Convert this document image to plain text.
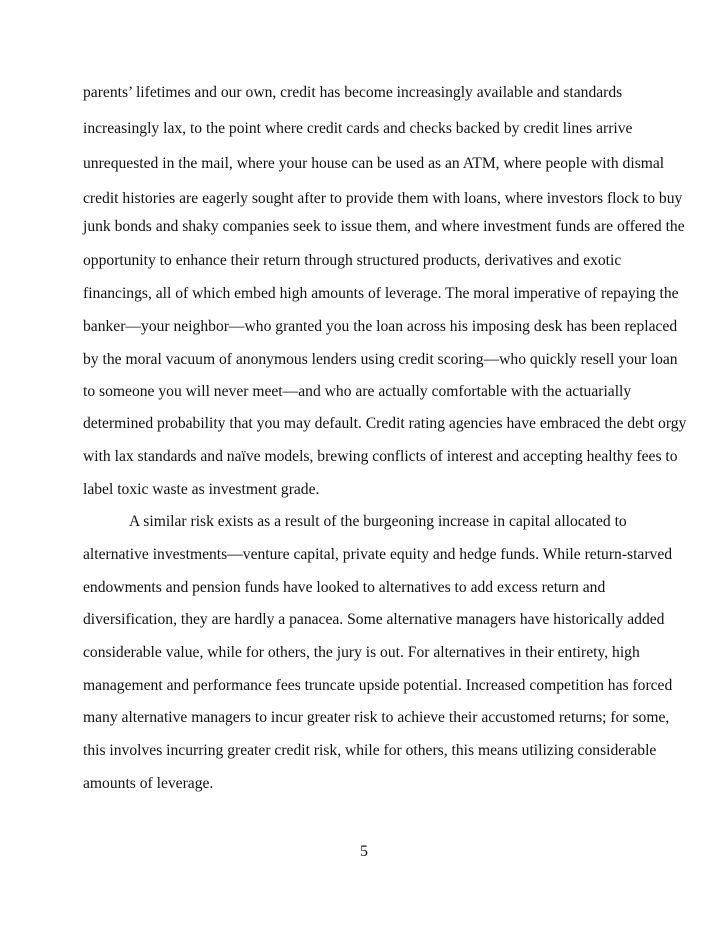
parents’ lifetimes and our own, credit has become increasingly available and standards
increasingly lax, to the point where credit cards and checks backed by credit lines arrive
unrequested in the mail, where your house can be used as an ATM, where people with dismal
credit histories are eagerly sought after to provide them with loans, where investors flock to buy
junk bonds and shaky companies seek to issue them, and where investment funds are offered the
opportunity to enhance their return through structured products, derivatives and exotic
financings, all of which embed high amounts of leverage. The moral imperative of repaying the
banker—your neighbor—who granted you the loan across his imposing desk has been replaced
by the moral vacuum of anonymous lenders using credit scoring—who quickly resell your loan
to someone you will never meet—and who are actually comfortable with the actuarially
determined probability that you may default. Credit rating agencies have embraced the debt orgy
with lax standards and naïve models, brewing conflicts of interest and accepting healthy fees to
label toxic waste as investment grade.
A similar risk exists as a result of the burgeoning increase in capital allocated to
alternative investments—venture capital, private equity and hedge funds. While return-starved
endowments and pension funds have looked to alternatives to add excess return and
diversification, they are hardly a panacea. Some alternative managers have historically added
considerable value, while for others, the jury is out. For alternatives in their entirety, high
management and performance fees truncate upside potential. Increased competition has forced
many alternative managers to incur greater risk to achieve their accustomed returns; for some,
this involves incurring greater credit risk, while for others, this means utilizing considerable
amounts of leverage.
5
